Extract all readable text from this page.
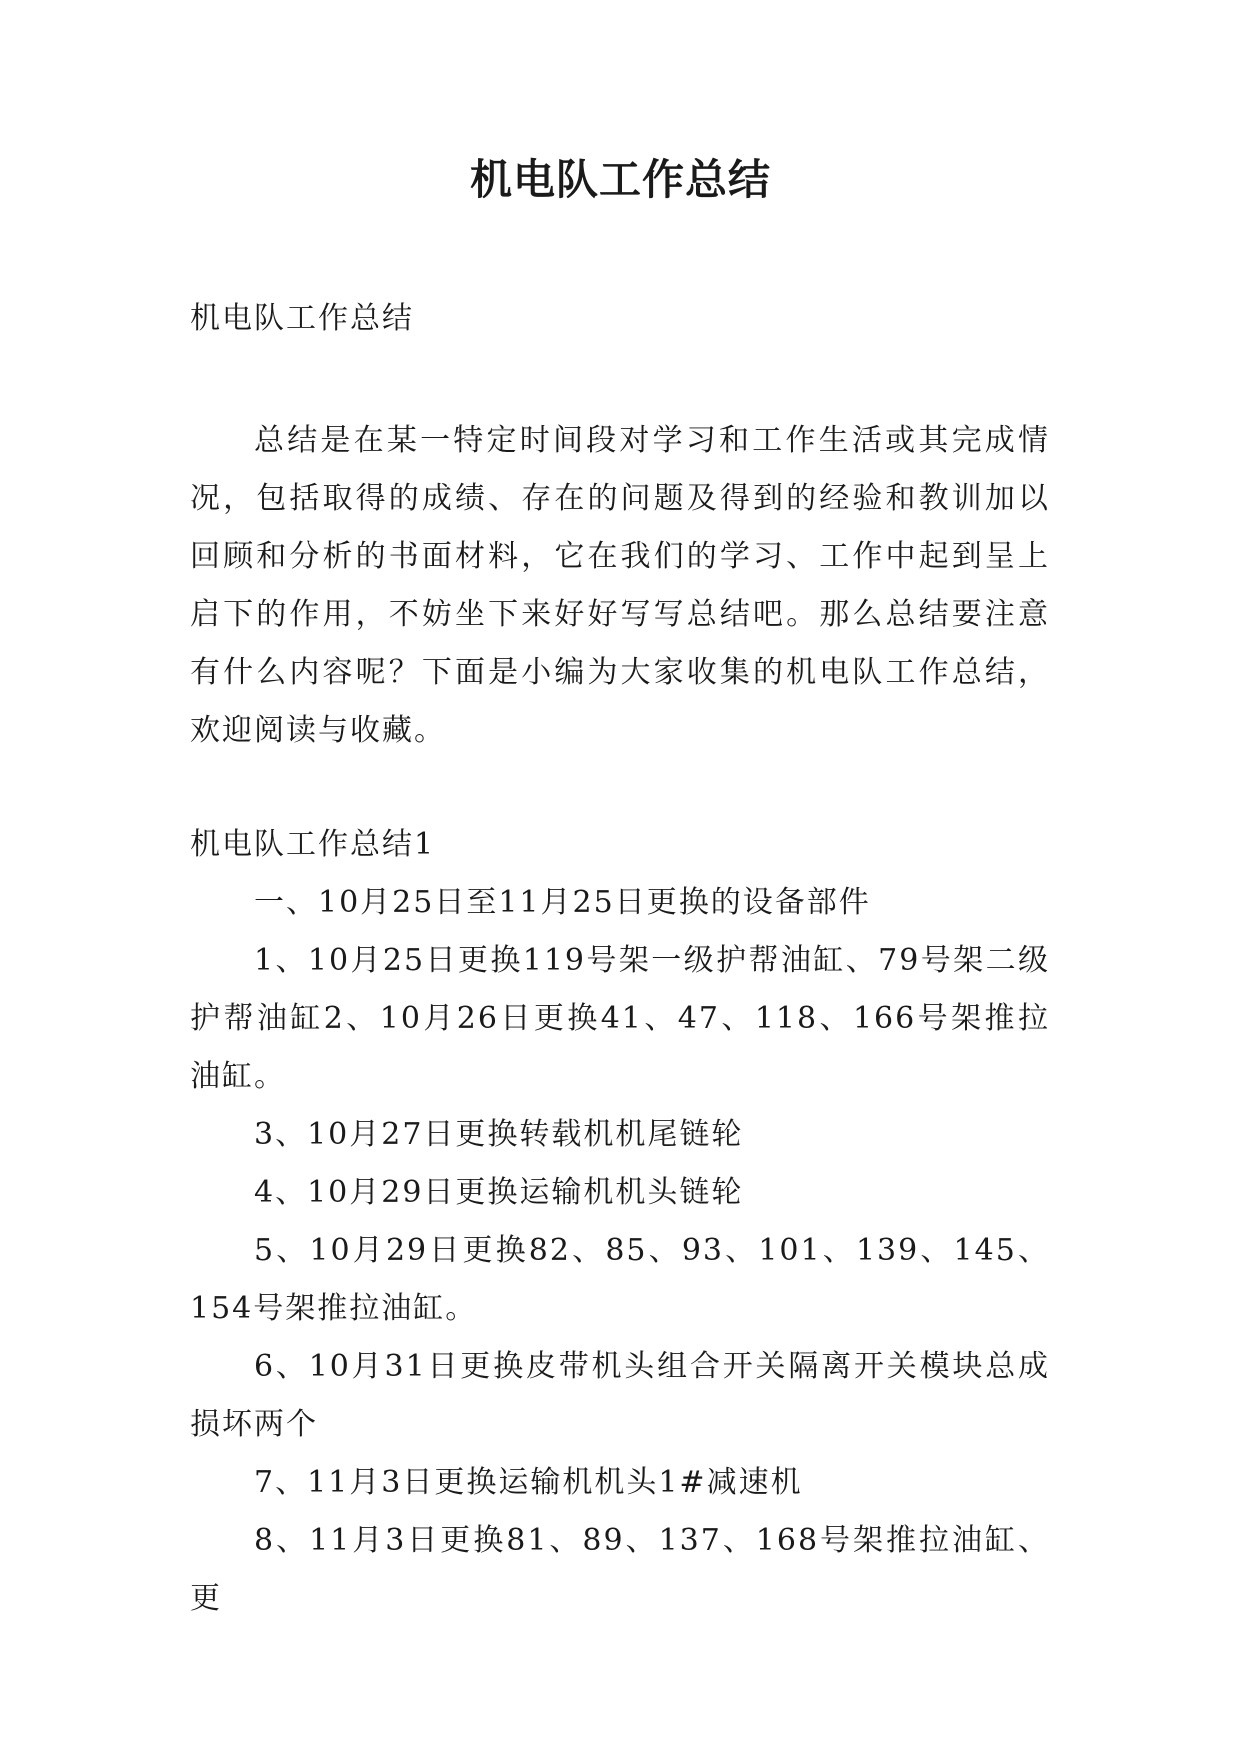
机电队工作总结

机电队工作总结

总结是在某一特定时间段对学习和工作生活或其完成情况，包括取得的成绩、存在的问题及得到的经验和教训加以回顾和分析的书面材料，它在我们的学习、工作中起到呈上启下的作用，不妨坐下来好好写写总结吧。那么总结要注意有什么内容呢？下面是小编为大家收集的机电队工作总结，欢迎阅读与收藏。

机电队工作总结1

一、10月25日至11月25日更换的设备部件

1、10月25日更换119号架一级护帮油缸、79号架二级护帮油缸2、10月26日更换41、47、118、166号架推拉油缸。

3、10月27日更换转载机机尾链轮

4、10月29日更换运输机机头链轮

5、10月29日更换82、85、93、101、139、145、154号架推拉油缸。

6、10月31日更换皮带机头组合开关隔离开关模块总成损坏两个

7、11月3日更换运输机机头1#减速机

8、11月3日更换81、89、137、168号架推拉油缸、更
